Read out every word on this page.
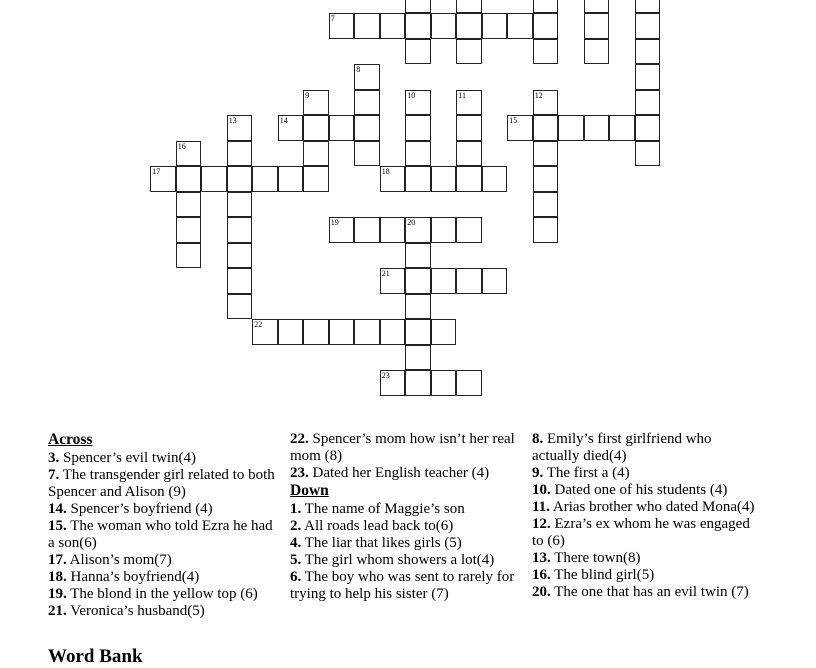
7
8
9	10	11	12
13	14	15
16
17	18
19	20
21
22
23
Across
3. Spencer’s evil twin(4)
7. The transgender girl related to both Spencer and Alison (9)
14. Spencer’s boyfriend (4)
15. The woman who told Ezra he had a son(6)
17. Alison’s mom(7)
18. Hanna’s boyfriend(4)
19. The blond in the yellow top (6)
21. Veronica’s husband(5)
22. Spencer’s mom how isn’t her real mom (8)
23. Dated her English teacher (4)
Down
1. The name of Maggie’s son
2. All roads lead back to(6)
4. The liar that likes girls (5)
5. The girl whom showers a lot(4)
6. The boy who was sent to rarely for trying to help his sister (7)
8. Emily’s first girlfriend who actually died(4)
9. The first a (4)
10. Dated one of his students (4)
11. Arias brother who dated Mona(4)
12. Ezra’s ex whom he was engaged to (6)
13. There town(8)
16. The blind girl(5)
20. The one that has an evil twin (7)
Word Bank
